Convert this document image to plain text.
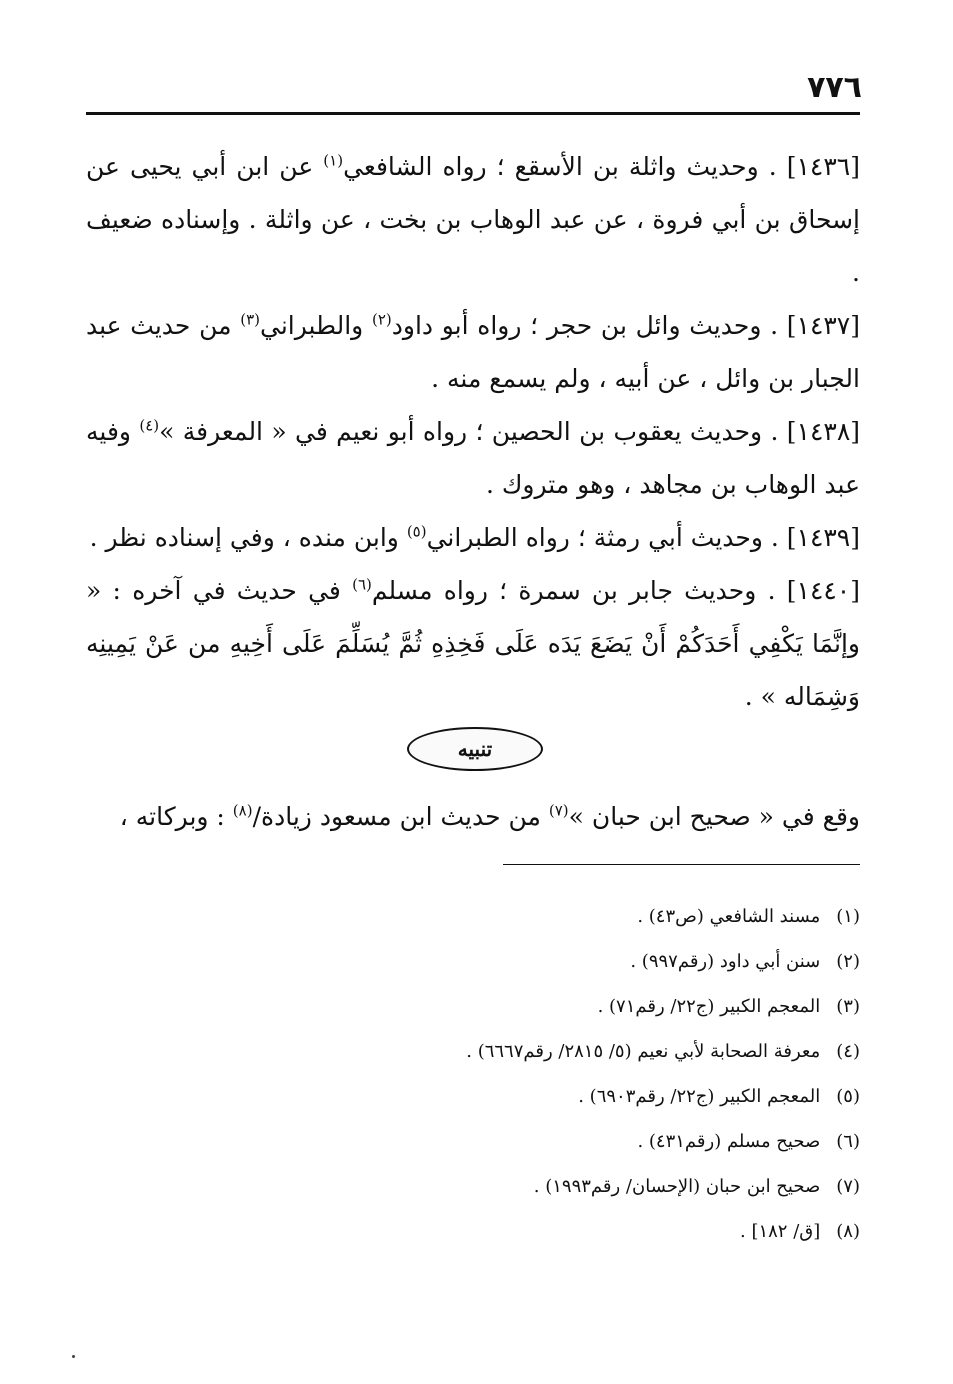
٧٧٦

[١٤٣٦] . وحديث واثلة بن الأسقع ؛ رواه الشافعي$^{(١)}$ عن ابن أبي يحيى عن إسحاق بن أبي فروة ، عن عبد الوهاب بن بخت ، عن واثلة . وإسناده ضعيف .

[١٤٣٧] . وحديث وائل بن حجر ؛ رواه أبو داود$^{(٢)}$ والطبراني$^{(٣)}$ من حديث عبد الجبار بن وائل ، عن أبيه ، ولم يسمع منه .

[١٤٣٨] . وحديث يعقوب بن الحصين ؛ رواه أبو نعيم في « المعرفة »$^{(٤)}$ وفيه عبد الوهاب بن مجاهد ، وهو متروك .

[١٤٣٩] . وحديث أبي رمثة ؛ رواه الطبراني$^{(٥)}$ وابن منده ، وفي إسناده نظر .

[١٤٤٠] . وحديث جابر بن سمرة ؛ رواه مسلم$^{(٦)}$ في حديث في آخره : « وإنَّمَا يَكْفِي أَحَدَكُمْ أَنْ يَضَعَ يَدَه عَلَى فَخِذِهِ ثُمَّ يُسَلِّمَ عَلَى أَخِيهِ من عَنْ يَمِينِه وَشِمَاله » .

تنبيه
وقع في « صحيح ابن حبان »$^{(٧)}$ من حديث ابن مسعود زيادة/$^{(٨)}$ : وبركاته ،
(١) مسند الشافعي (ص٤٣) .
(٢) سنن أبي داود (رقم٩٩٧) .
(٣) المعجم الكبير (ج٢٢/ رقم٧١) .
(٤) معرفة الصحابة لأبي نعيم (٥/ ٢٨١٥/ رقم٦٦٦٧) .
(٥) المعجم الكبير (ج٢٢/ رقم٦٩٠٣) .
(٦) صحيح مسلم (رقم٤٣١) .
(٧) صحيح ابن حبان (الإحسان/ رقم١٩٩٣) .
(٨) [ق/ ١٨٢] .
